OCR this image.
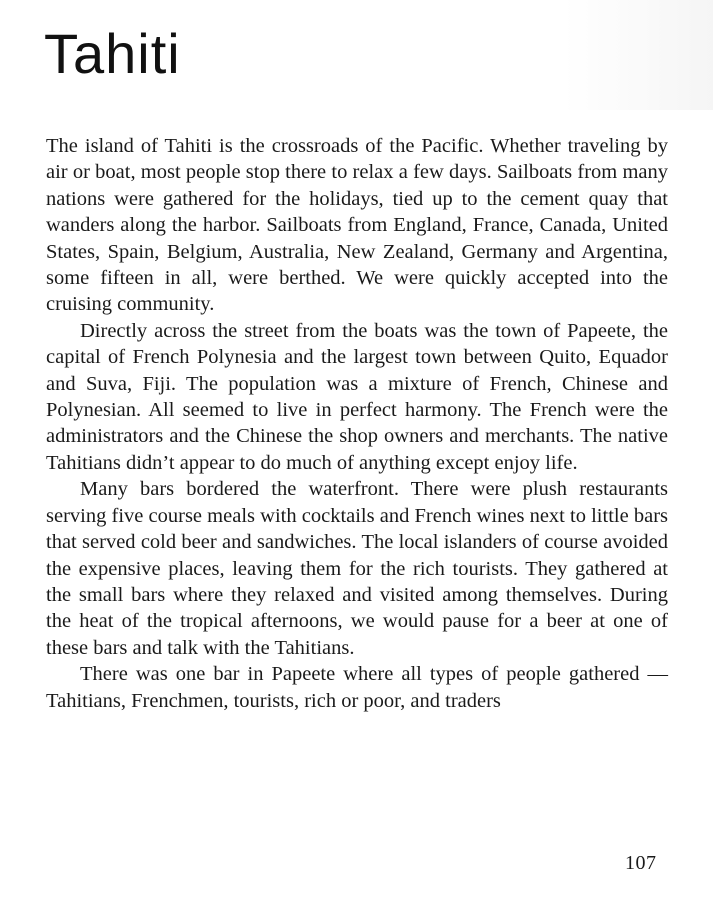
Tahiti

The island of Tahiti is the crossroads of the Pacific. Whether traveling by air or boat, most people stop there to relax a few days. Sailboats from many nations were gathered for the holidays, tied up to the cement quay that wanders along the harbor. Sailboats from England, France, Canada, United States, Spain, Belgium, Australia, New Zealand, Germany and Argentina, some fifteen in all, were berthed. We were quickly accepted into the cruising community.

Directly across the street from the boats was the town of Papeete, the capital of French Polynesia and the largest town between Quito, Equador and Suva, Fiji. The population was a mixture of French, Chinese and Polynesian. All seemed to live in perfect harmony. The French were the administrators and the Chinese the shop owners and merchants. The native Tahitians didn’t appear to do much of anything except enjoy life.

Many bars bordered the waterfront. There were plush restaurants serving five course meals with cocktails and French wines next to little bars that served cold beer and sandwiches. The local islanders of course avoided the expensive places, leaving them for the rich tourists. They gathered at the small bars where they relaxed and visited among themselves. During the heat of the tropical afternoons, we would pause for a beer at one of these bars and talk with the Tahitians.

There was one bar in Papeete where all types of people gathered — Tahitians, Frenchmen, tourists, rich or poor, and traders

107
